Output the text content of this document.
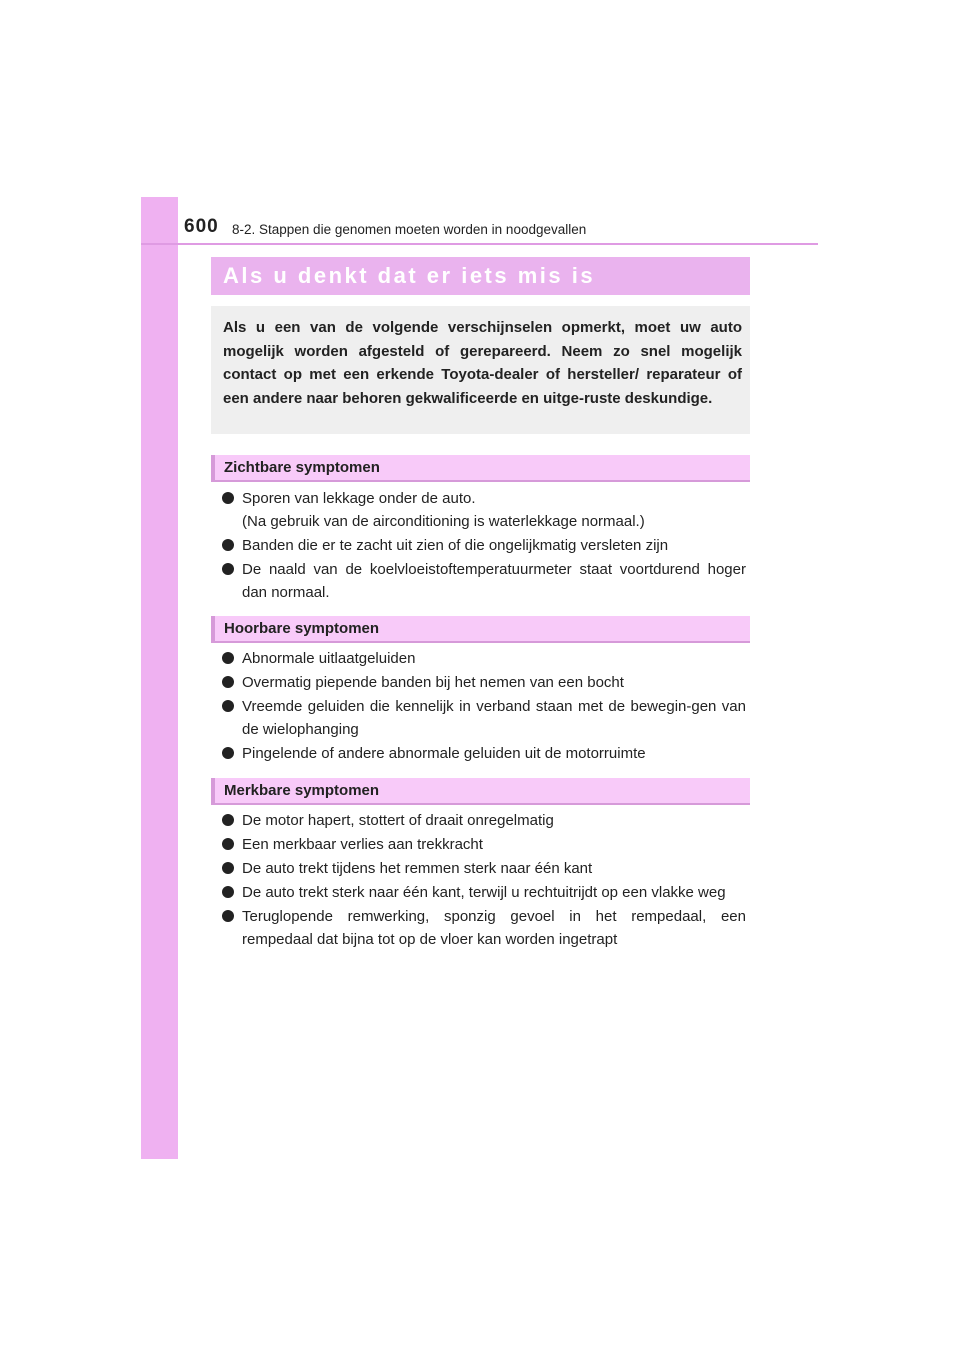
600 8-2. Stappen die genomen moeten worden in noodgevallen
Als u denkt dat er iets mis is

Als u een van de volgende verschijnselen opmerkt, moet uw auto mogelijk worden afgesteld of gerepareerd. Neem zo snel mogelijk contact op met een erkende Toyota-dealer of hersteller/ reparateur of een andere naar behoren gekwalificeerde en uitge-ruste deskundige.

Zichtbare symptomen
Sporen van lekkage onder de auto.
(Na gebruik van de airconditioning is waterlekkage normaal.)
Banden die er te zacht uit zien of die ongelijkmatig versleten zijn
De naald van de koelvloeistoftemperatuurmeter staat voortdurend hoger dan normaal.
Hoorbare symptomen
Abnormale uitlaatgeluiden
Overmatig piepende banden bij het nemen van een bocht
Vreemde geluiden die kennelijk in verband staan met de bewegin-gen van de wielophanging
Pingelende of andere abnormale geluiden uit de motorruimte
Merkbare symptomen
De motor hapert, stottert of draait onregelmatig
Een merkbaar verlies aan trekkracht
De auto trekt tijdens het remmen sterk naar één kant
De auto trekt sterk naar één kant, terwijl u rechtuitrijdt op een vlakke weg
Teruglopende remwerking, sponzig gevoel in het rempedaal, een rempedaal dat bijna tot op de vloer kan worden ingetrapt
